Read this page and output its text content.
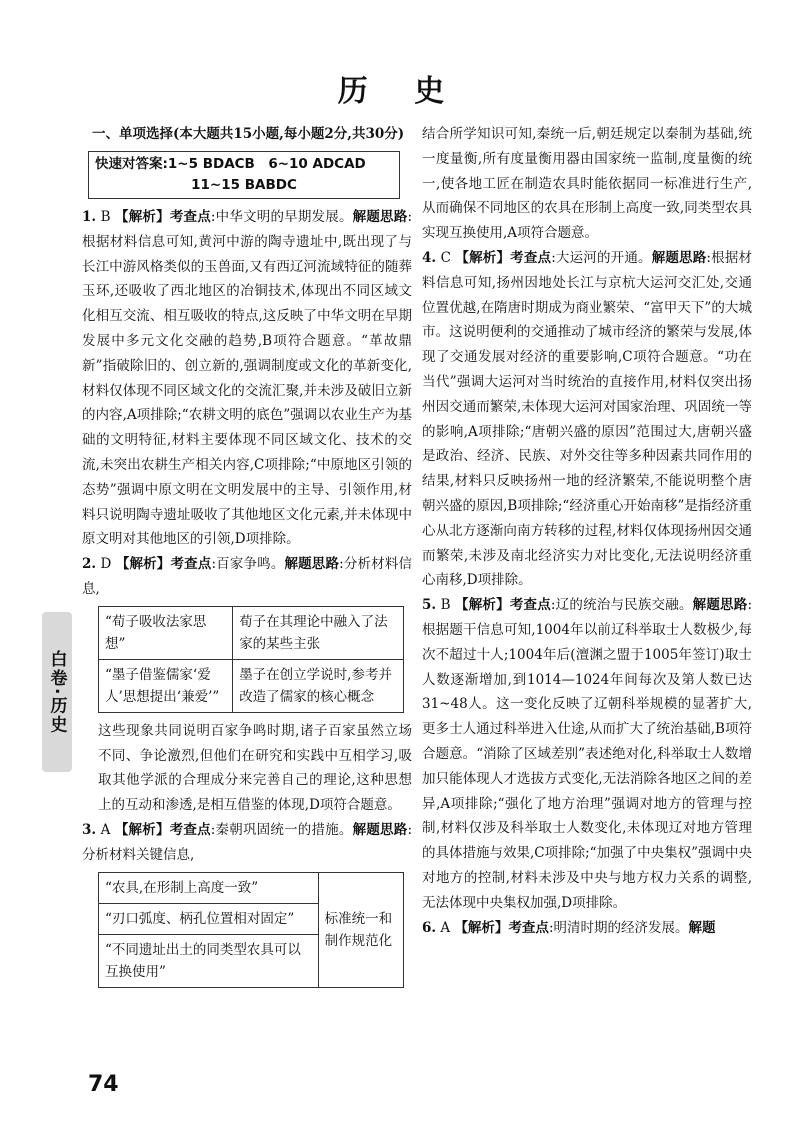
历 史
一、单项选择(本大题共15小题,每小题2分,共30分)
快速对答案:1~5 BDACB　6~10 ADCAD
11~15 BABDC
1. B 【解析】考查点:中华文明的早期发展。解题思路:根据材料信息可知,黄河中游的陶寺遗址中,既出现了与长江中游风格类似的玉兽面,又有西辽河流域特征的随葬玉环,还吸收了西北地区的冶铜技术,体现出不同区域文化相互交流、相互吸收的特点,这反映了中华文明在早期发展中多元文化交融的趋势,B项符合题意。“革故鼎新”指破除旧的、创立新的,强调制度或文化的革新变化,材料仅体现不同区域文化的交流汇聚,并未涉及破旧立新的内容,A项排除;“农耕文明的底色”强调以农业生产为基础的文明特征,材料主要体现不同区域文化、技术的交流,未突出农耕生产相关内容,C项排除;“中原地区引领的态势”强调中原文明在文明发展中的主导、引领作用,材料只说明陶寺遗址吸收了其他地区文化元素,并未体现中原文明对其他地区的引领,D项排除。
2. D 【解析】考查点:百家争鸣。解题思路:分析材料信息,
“荀子吸收法家思想”	荀子在其理论中融入了法家的某些主张
“墨子借鉴儒家‘爱人’思想提出‘兼爱’”	墨子在创立学说时,参考并改造了儒家的核心概念
这些现象共同说明百家争鸣时期,诸子百家虽然立场不同、争论激烈,但他们在研究和实践中互相学习,吸取其他学派的合理成分来完善自己的理论,这种思想上的互动和渗透,是相互借鉴的体现,D项符合题意。
3. A 【解析】考查点:秦朝巩固统一的措施。解题思路:分析材料关键信息,
“农具,在形制上高度一致”	标准统一和制作规范化
“刃口弧度、柄孔位置相对固定”
“不同遗址出土的同类型农具可以互换使用”
白卷·历史
结合所学知识可知,秦统一后,朝廷规定以秦制为基础,统一度量衡,所有度量衡用器由国家统一监制,度量衡的统一,使各地工匠在制造农具时能依据同一标准进行生产,从而确保不同地区的农具在形制上高度一致,同类型农具实现互换使用,A项符合题意。
4. C 【解析】考查点:大运河的开通。解题思路:根据材料信息可知,扬州因地处长江与京杭大运河交汇处,交通位置优越,在隋唐时期成为商业繁荣、“富甲天下”的大城市。这说明便利的交通推动了城市经济的繁荣与发展,体现了交通发展对经济的重要影响,C项符合题意。“功在当代”强调大运河对当时统治的直接作用,材料仅突出扬州因交通而繁荣,未体现大运河对国家治理、巩固统一等的影响,A项排除;“唐朝兴盛的原因”范围过大,唐朝兴盛是政治、经济、民族、对外交往等多种因素共同作用的结果,材料只反映扬州一地的经济繁荣,不能说明整个唐朝兴盛的原因,B项排除;“经济重心开始南移”是指经济重心从北方逐渐向南方转移的过程,材料仅体现扬州因交通而繁荣,未涉及南北经济实力对比变化,无法说明经济重心南移,D项排除。
5. B 【解析】考查点:辽的统治与民族交融。解题思路:根据题干信息可知,1004年以前辽科举取士人数极少,每次不超过十人;1004年后(澶渊之盟于1005年签订)取士人数逐渐增加,到1014—1024年间每次及第人数已达31~48人。这一变化反映了辽朝科举规模的显著扩大,更多士人通过科举进入仕途,从而扩大了统治基础,B项符合题意。“消除了区域差别”表述绝对化,科举取士人数增加只能体现人才选拔方式变化,无法消除各地区之间的差异,A项排除;“强化了地方治理”强调对地方的管理与控制,材料仅涉及科举取士人数变化,未体现辽对地方管理的具体措施与效果,C项排除;“加强了中央集权”强调中央对地方的控制,材料未涉及中央与地方权力关系的调整,无法体现中央集权加强,D项排除。
6. A 【解析】考查点:明清时期的经济发展。解题
74
